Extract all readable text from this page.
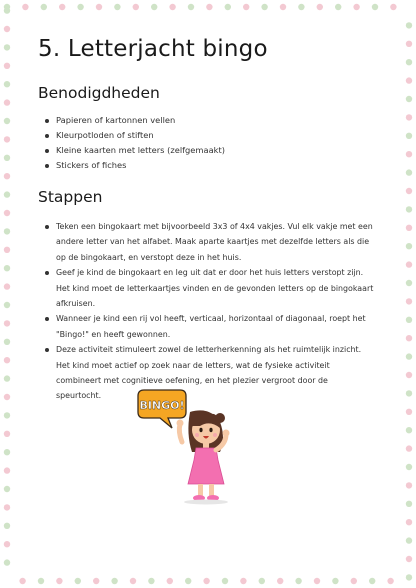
5. Letterjacht bingo
Benodigdheden
Papieren of kartonnen vellen
Kleurpotloden of stiften
Kleine kaarten met letters (zelfgemaakt)
Stickers of fiches
Stappen
Teken een bingokaart met bijvoorbeeld 3x3 of 4x4 vakjes. Vul elk vakje met een andere letter van het alfabet. Maak aparte kaartjes met dezelfde letters als die op de bingokaart, en verstopt deze in het huis.
Geef je kind de bingokaart en leg uit dat er door het huis letters verstopt zijn. Het kind moet de letterkaartjes vinden en de gevonden letters op de bingokaart afkruisen.
Wanneer je kind een rij vol heeft, verticaal, horizontaal of diagonaal, roept het "Bingo!" en heeft gewonnen.
Deze activiteit stimuleert zowel de letterherkenning als het ruimtelijk inzicht. Het kind moet actief op zoek naar de letters, wat de fysieke activiteit combineert met cognitieve oefening, en het plezier vergroot door de speurtocht.
BINGO!
